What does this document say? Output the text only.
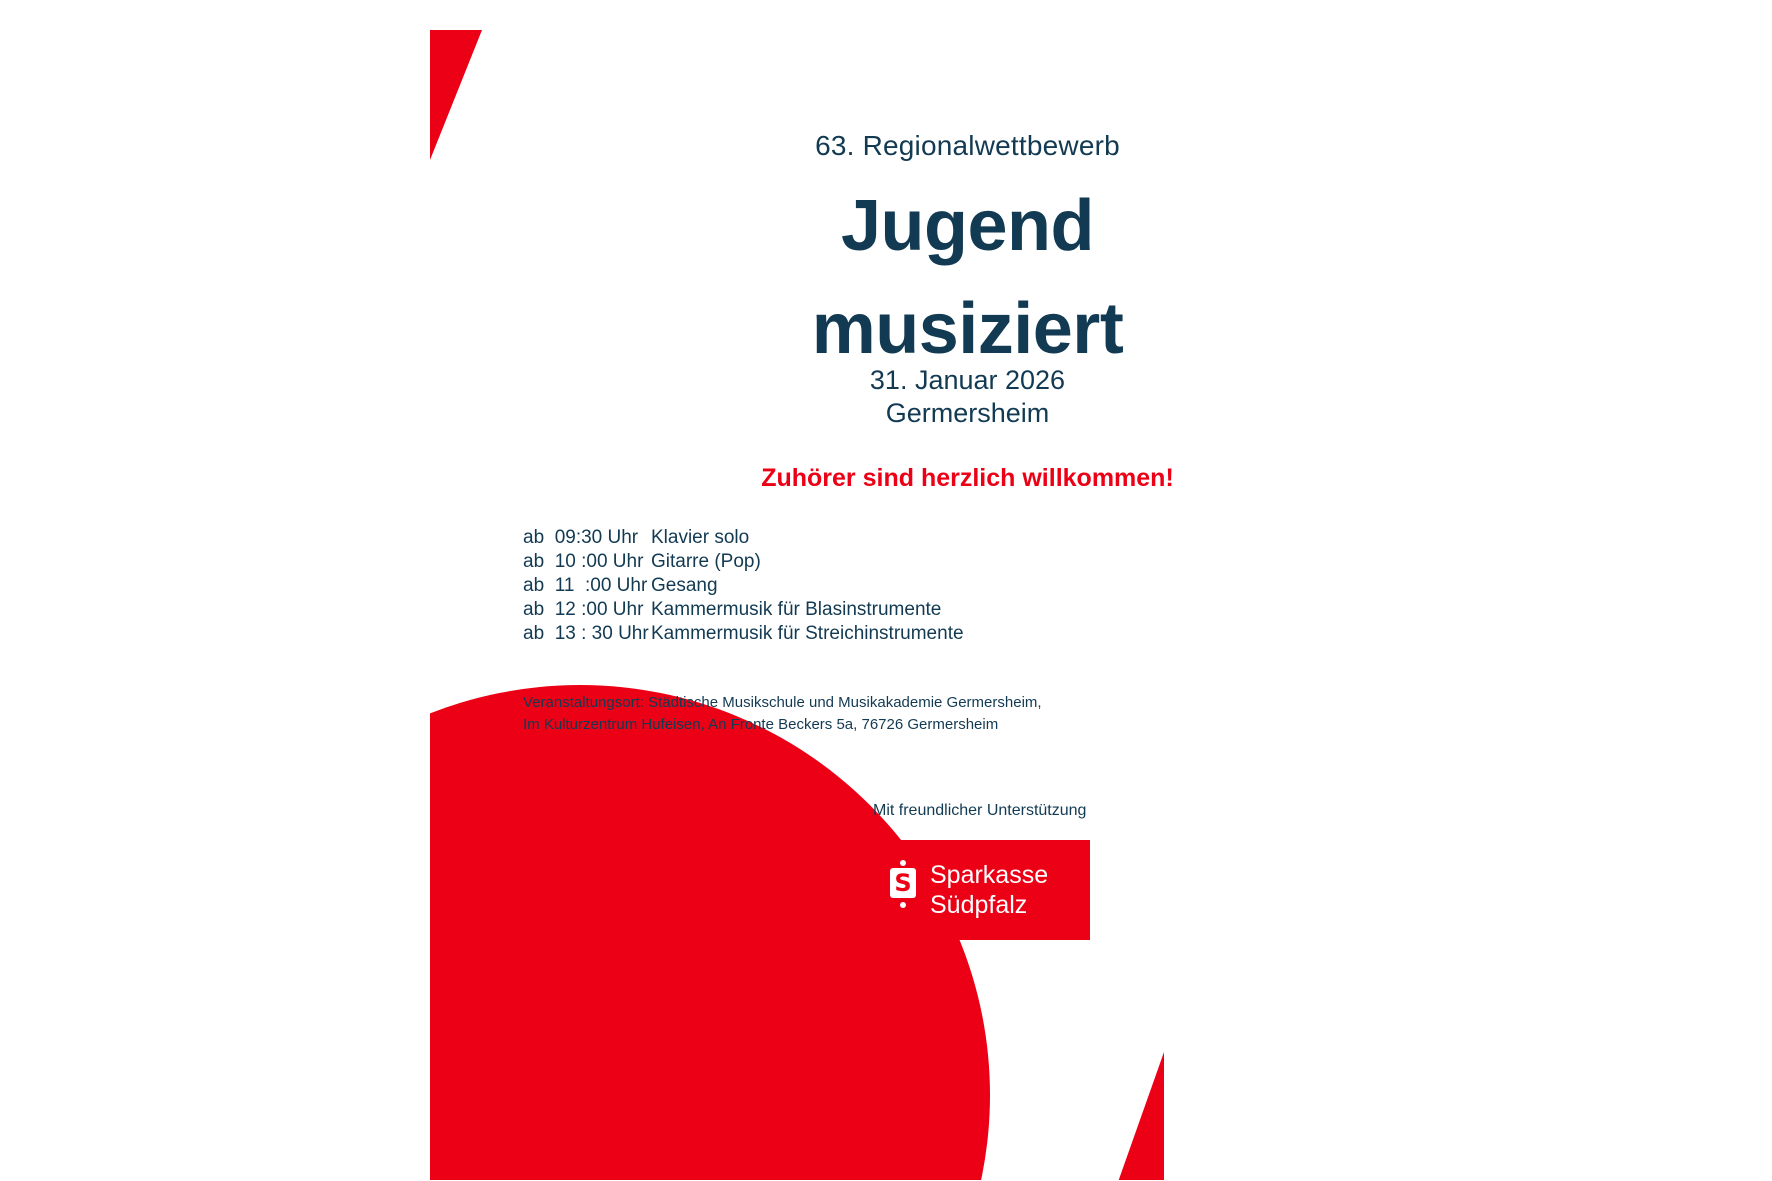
63. Regionalwettbewerb
Jugend
musiziert
31. Januar 2026
Germersheim
Zuhörer sind herzlich willkommen!
ab  09:30 Uhr Klavier solo
ab  10 :00 Uhr Gitarre (Pop)
ab  11  :00 Uhr Gesang
ab  12 :00 Uhr Kammermusik für Blasinstrumente
ab  13 : 30 Uhr Kammermusik für Streichinstrumente
Veranstaltungsort: Städtische Musikschule und Musikakademie Germersheim,
Im Kulturzentrum Hufeisen, An Fronte Beckers 5a, 76726 Germersheim
Mit freundlicher Unterstützung
S Sparkasse
Südpfalz
